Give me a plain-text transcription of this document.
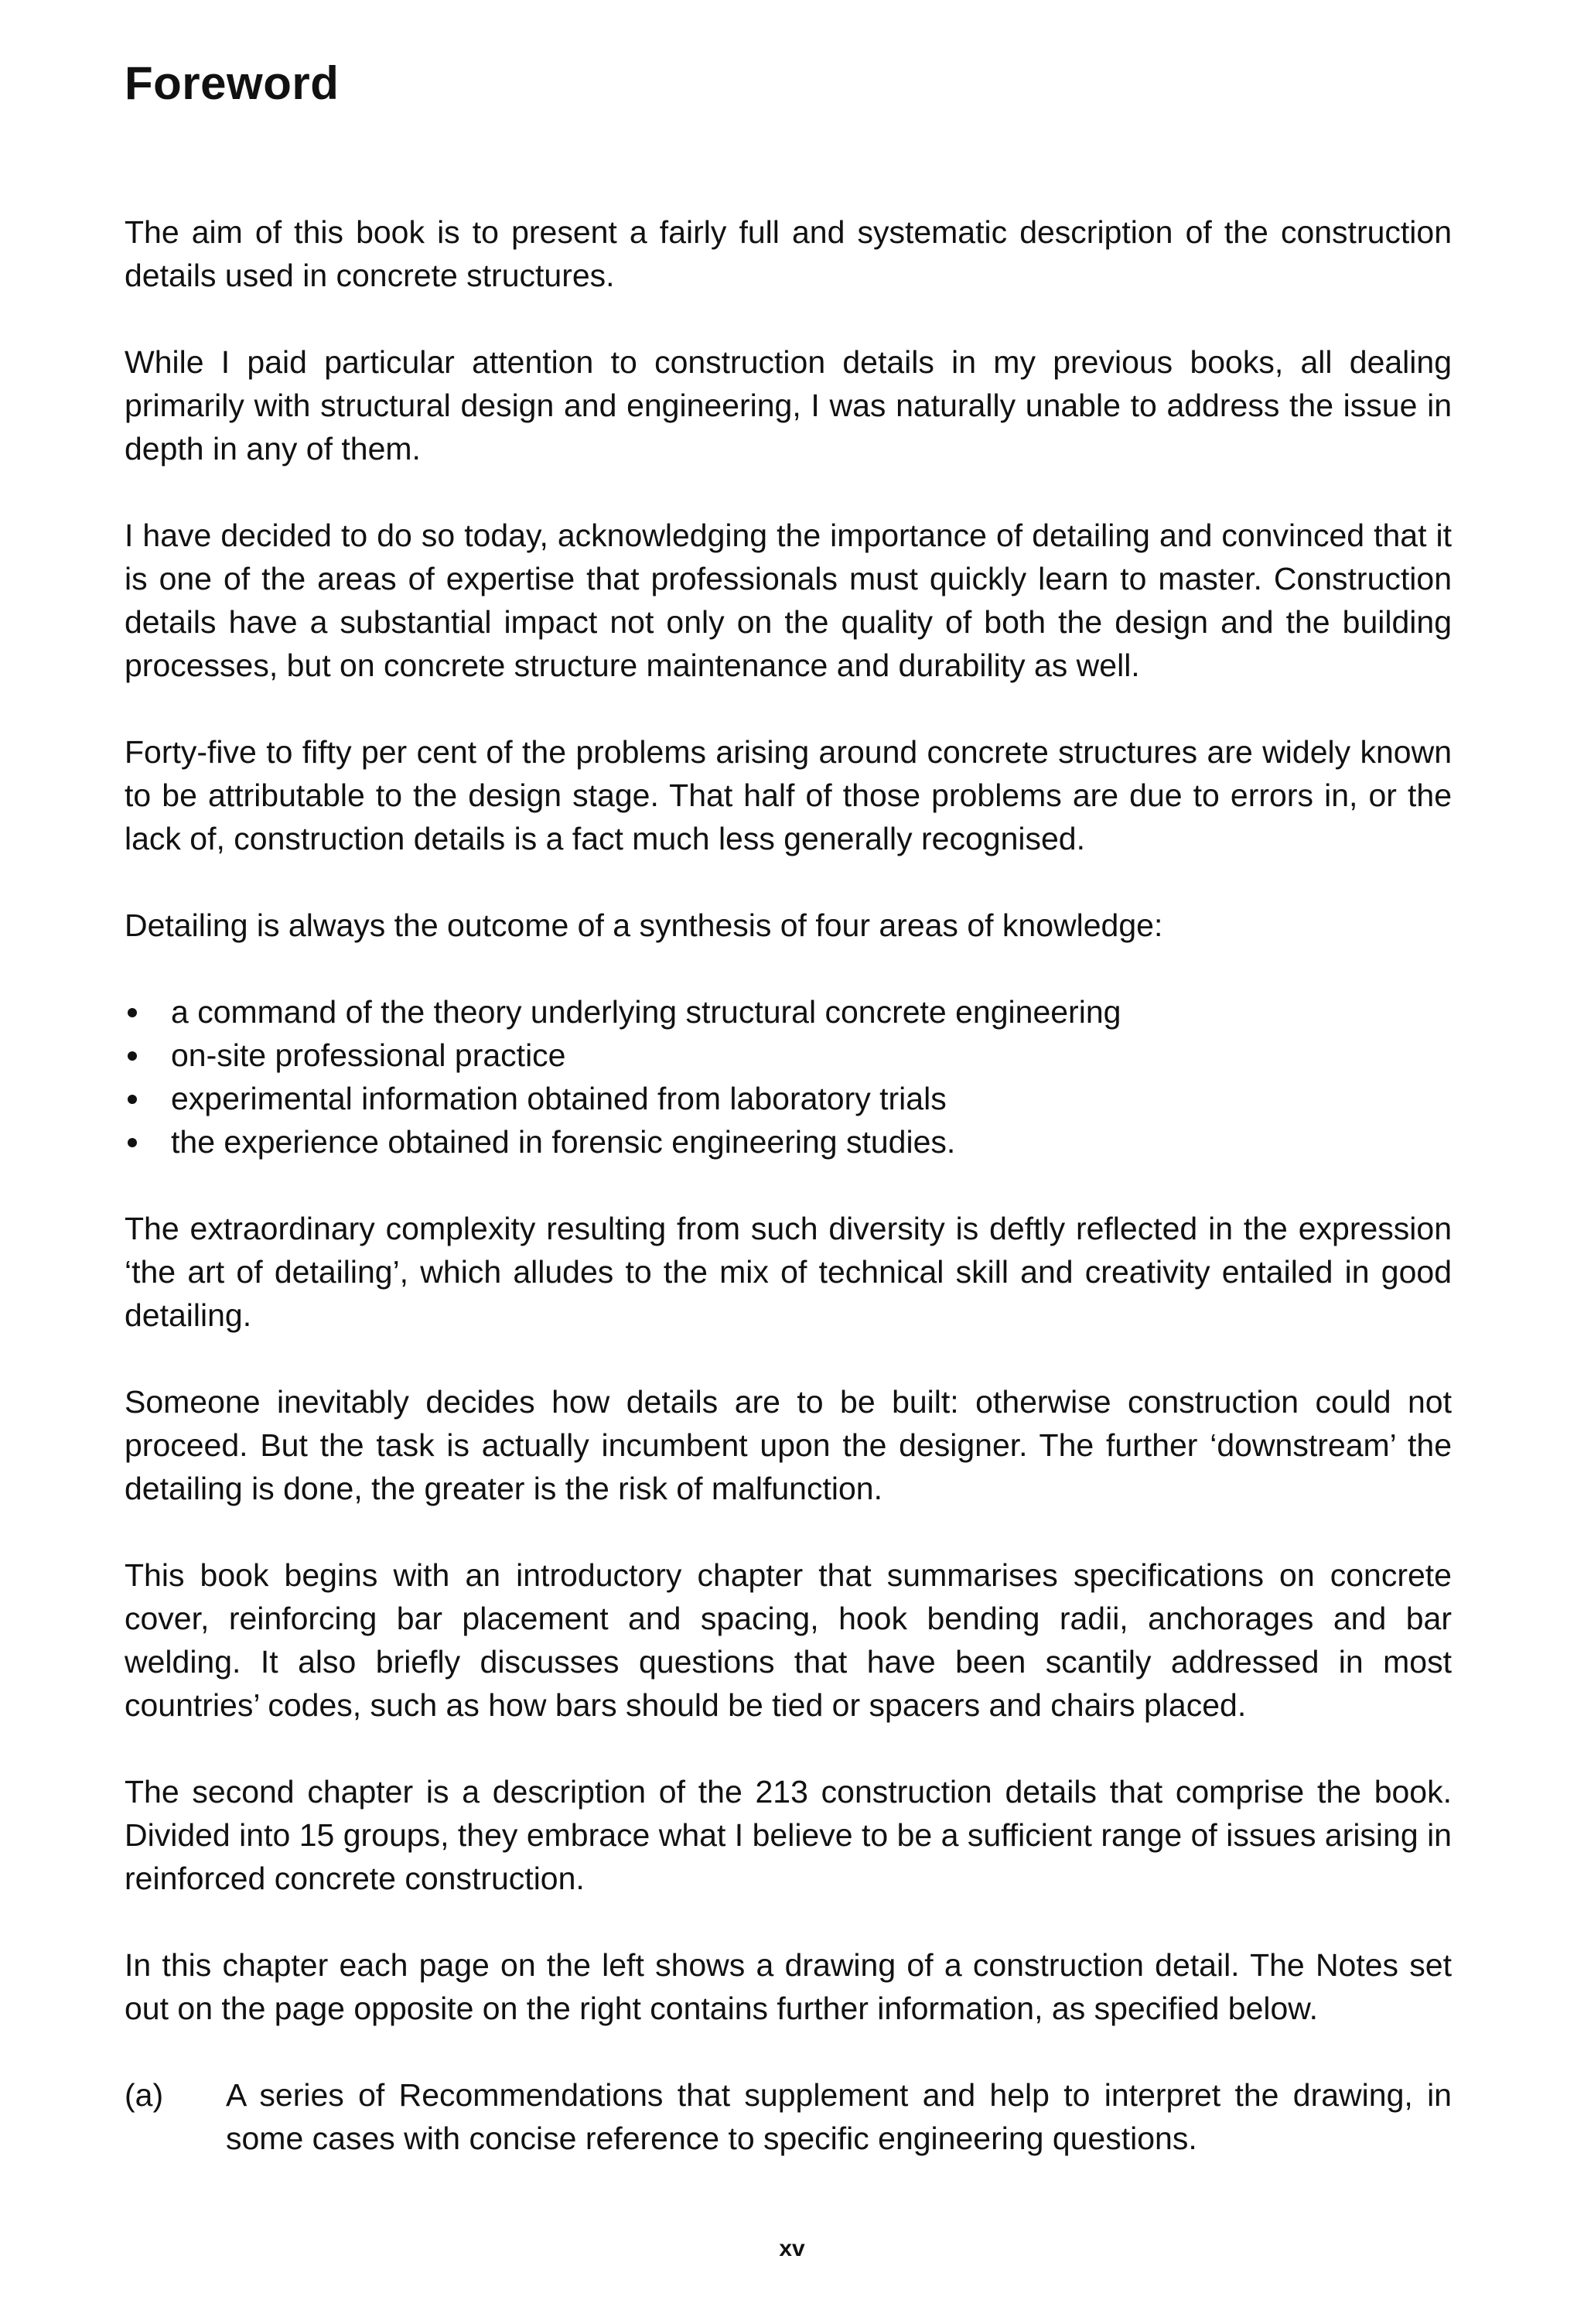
Foreword

The aim of this book is to present a fairly full and systematic description of the construction details used in concrete structures.

While I paid particular attention to construction details in my previous books, all dealing primarily with structural design and engineering, I was naturally unable to address the issue in depth in any of them.

I have decided to do so today, acknowledging the importance of detailing and convinced that it is one of the areas of expertise that professionals must quickly learn to master. Construction details have a substantial impact not only on the quality of both the design and the building processes, but on concrete structure maintenance and durability as well.

Forty-five to fifty per cent of the problems arising around concrete structures are widely known to be attributable to the design stage. That half of those problems are due to errors in, or the lack of, construction details is a fact much less generally recognised.

Detailing is always the outcome of a synthesis of four areas of knowledge:

a command of the theory underlying structural concrete engineering
on-site professional practice
experimental information obtained from laboratory trials
the experience obtained in forensic engineering studies.

The extraordinary complexity resulting from such diversity is deftly reflected in the expression ‘the art of detailing’, which alludes to the mix of technical skill and creativity entailed in good detailing.

Someone inevitably decides how details are to be built: otherwise construction could not proceed. But the task is actually incumbent upon the designer. The further ‘downstream’ the detailing is done, the greater is the risk of malfunction.

This book begins with an introductory chapter that summarises specifications on concrete cover, reinforcing bar placement and spacing, hook bending radii, anchorages and bar welding. It also briefly discusses questions that have been scantily addressed in most countries’ codes, such as how bars should be tied or spacers and chairs placed.

The second chapter is a description of the 213 construction details that comprise the book. Divided into 15 groups, they embrace what I believe to be a sufficient range of issues arising in reinforced concrete construction.

In this chapter each page on the left shows a drawing of a construction detail. The Notes set out on the page opposite on the right contains further information, as specified below.

(a)	A series of Recommendations that supplement and help to interpret the drawing, in some cases with concise reference to specific engineering questions.
xv
